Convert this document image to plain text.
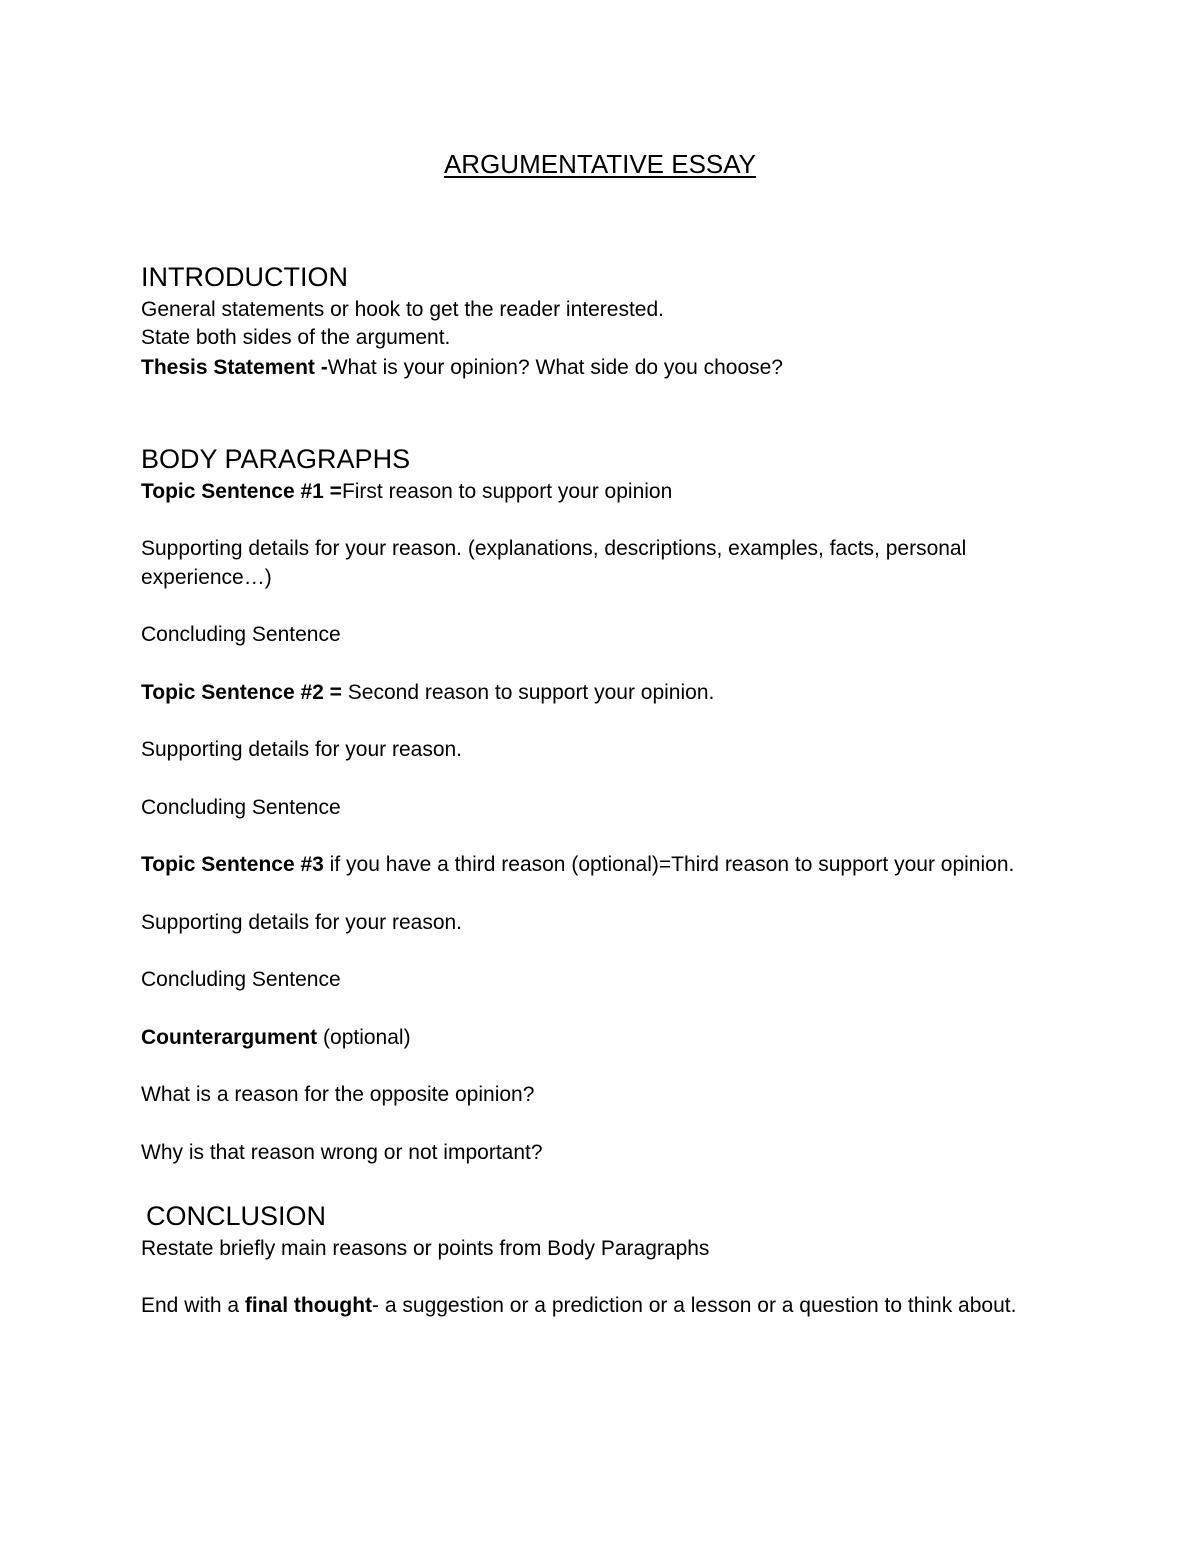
ARGUMENTATIVE ESSAY

INTRODUCTION

General statements or hook to get the reader interested.

State both sides of the argument.

Thesis Statement -What is your opinion? What side do you choose?

BODY PARAGRAPHS

Topic Sentence #1 =First reason to support your opinion

Supporting details for your reason. (explanations, descriptions, examples, facts, personal

experience…)

Concluding Sentence

Topic Sentence #2 = Second reason to support your opinion.

Supporting details for your reason.

Concluding Sentence

Topic Sentence #3 if you have a third reason (optional)=Third reason to support your opinion.

Supporting details for your reason.

Concluding Sentence

Counterargument (optional)

What is a reason for the opposite opinion?

Why is that reason wrong or not important?

CONCLUSION

Restate briefly main reasons or points from Body Paragraphs

End with a final thought- a suggestion or a prediction or a lesson or a question to think about.
